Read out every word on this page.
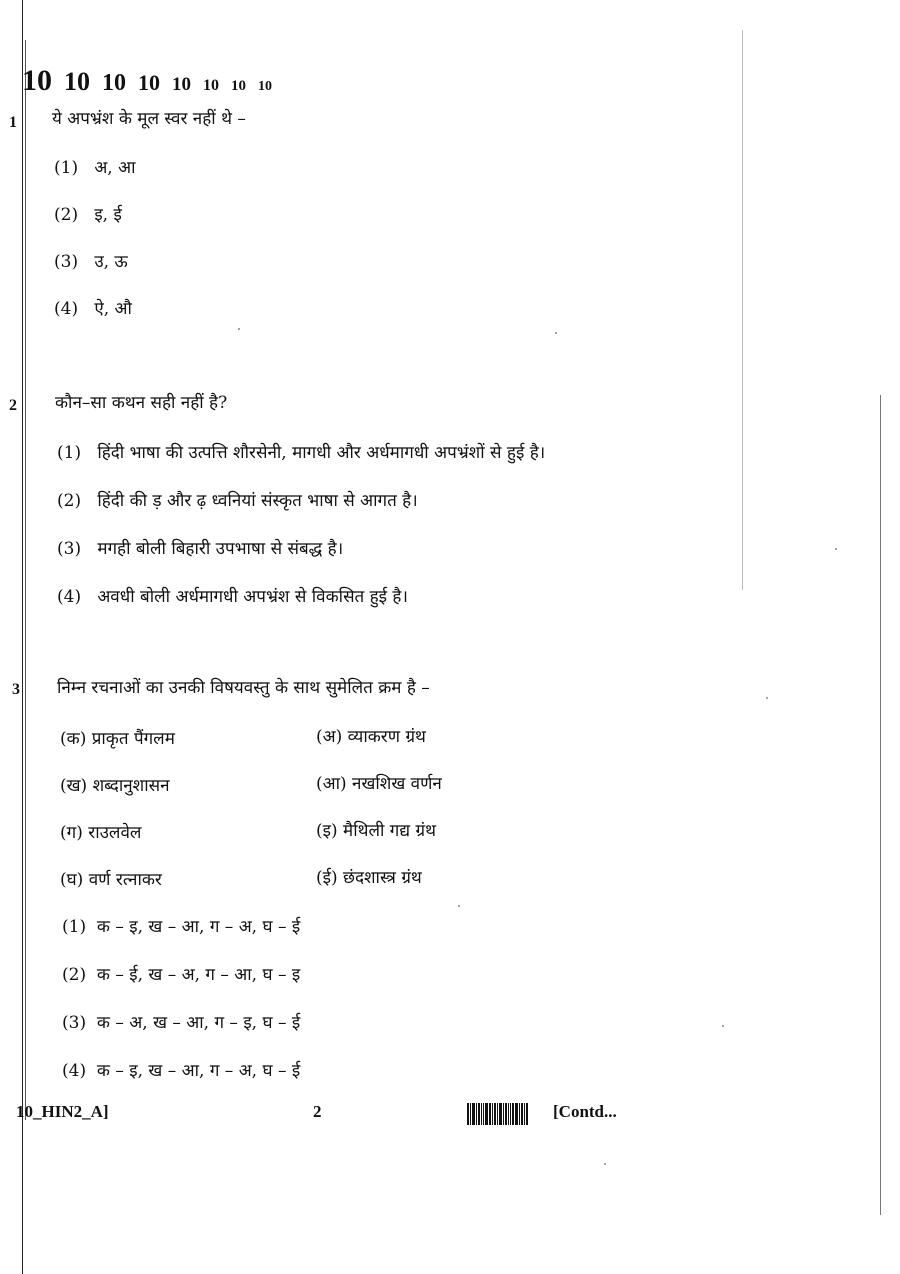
10 10 10 10 10 10 10 10
1 ये अपभ्रंश के मूल स्वर नहीं थे –
(1) अ, आ
(2) इ, ई
(3) उ, ऊ
(4) ऐ, औ
2 कौन–सा कथन सही नहीं है?
(1) हिंदी भाषा की उत्पत्ति शौरसेनी, मागधी और अर्धमागधी अपभ्रंशों से हुई है।
(2) हिंदी की ड़ और ढ़ ध्वनियां संस्कृत भाषा से आगत है।
(3) मगही बोली बिहारी उपभाषा से संबद्ध है।
(4) अवधी बोली अर्धमागधी अपभ्रंश से विकसित हुई है।
3 निम्न रचनाओं का उनकी विषयवस्तु के साथ सुमेलित क्रम है –
(क) प्राकृत पैंगलम
(ख) शब्दानुशासन
(ग) राउलवेल
(घ) वर्ण रत्नाकर
(अ) व्याकरण ग्रंथ
(आ) नखशिख वर्णन
(इ) मैथिली गद्य ग्रंथ
(ई) छंदशास्त्र ग्रंथ
(1) क – इ, ख – आ, ग – अ, घ – ई
(2) क – ई, ख – अ, ग – आ, घ – इ
(3) क – अ, ख – आ, ग – इ, घ – ई
(4) क – इ, ख – आ, ग – अ, घ – ई
10_HIN2_A]	2	[Contd...
